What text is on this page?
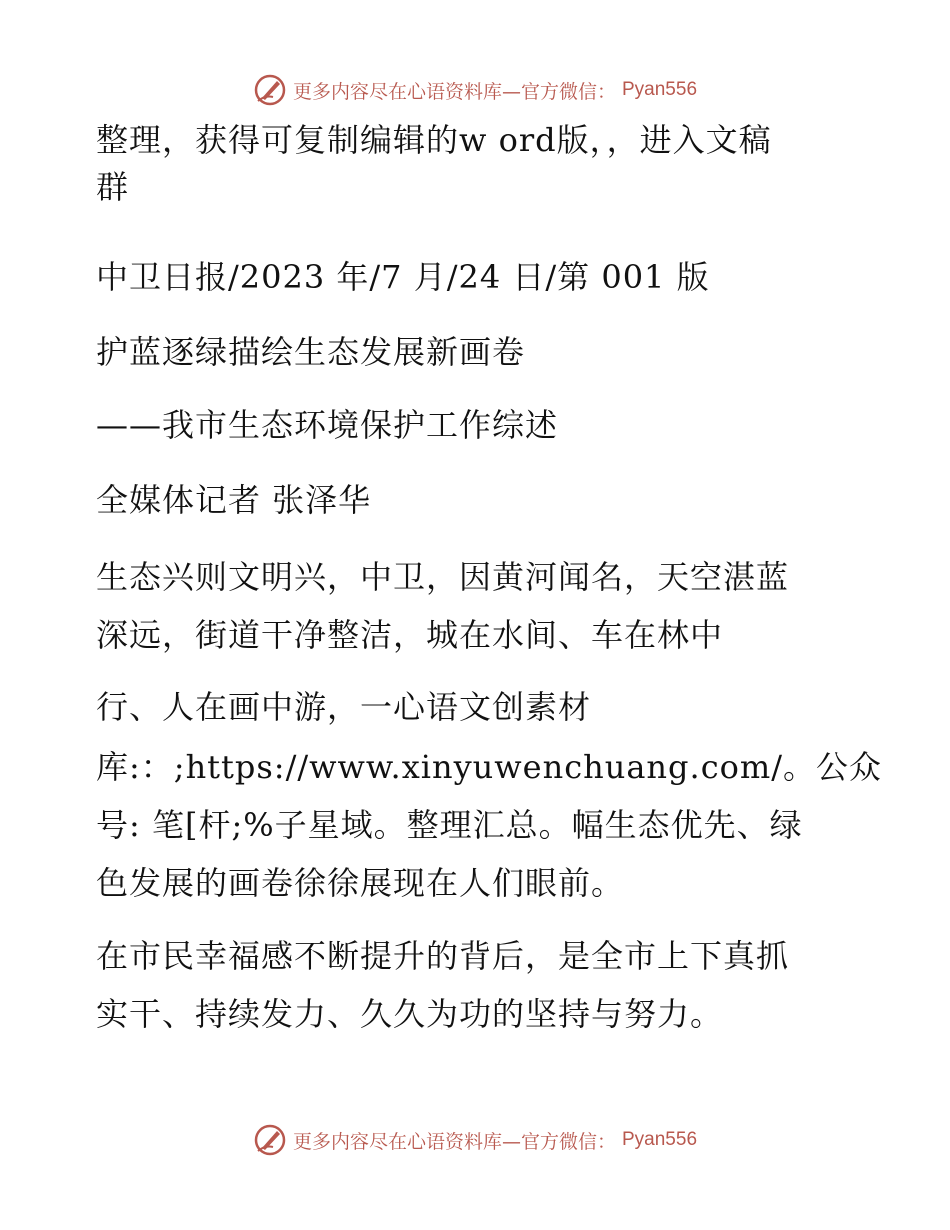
更多内容尽在心语资料库—官方微信： Pyan556
整理，获得可复制编辑的w ord版，，进入文稿
群
中卫日报/2023 年/7 月/24 日/第 001 版
护蓝逐绿描绘生态发展新画卷
——我市生态环境保护工作综述
全媒体记者 张泽华
生态兴则文明兴，中卫，因黄河闻名，天空湛蓝
深远，街道干净整洁，城在水间、车在林中
行、人在画中游，一心语文创素材
库:：;https://www.xinyuwenchuang.com/。公众
号: 笔[杆;%子星域。整理汇总。幅生态优先、绿
色发展的画卷徐徐展现在人们眼前。
在市民幸福感不断提升的背后，是全市上下真抓
实干、持续发力、久久为功的坚持与努力。
更多内容尽在心语资料库—官方微信： Pyan556
